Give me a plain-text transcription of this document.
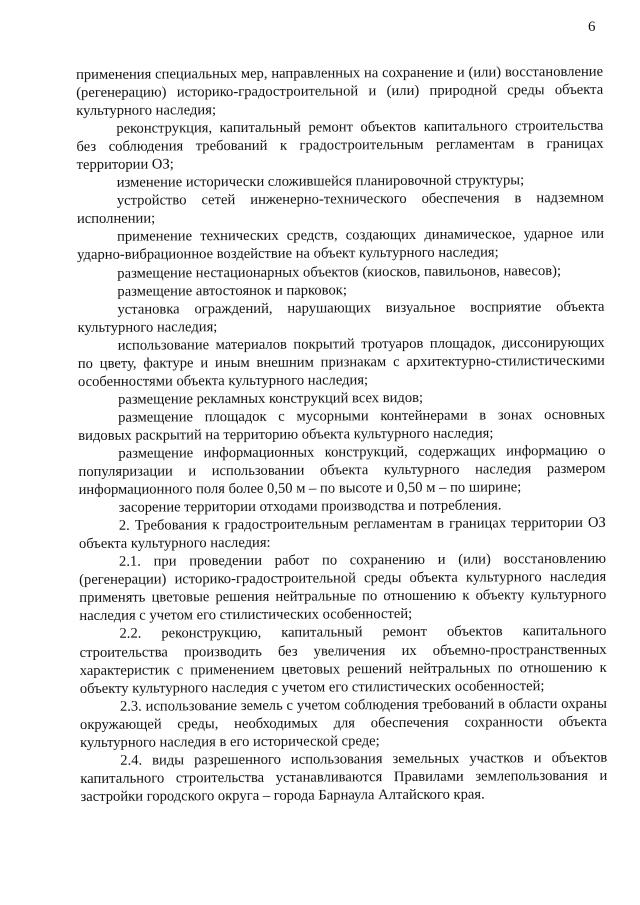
6

применения специальных мер, направленных на сохранение и (или) восстановление (регенерацию) историко-градостроительной и (или) природной среды объекта культурного наследия;

реконструкция, капитальный ремонт объектов капитального строительства без соблюдения требований к градостроительным регламентам в границах территории ОЗ;

изменение исторически сложившейся планировочной структуры;

устройство сетей инженерно-технического обеспечения в надземном исполнении;

применение технических средств, создающих динамическое, ударное или ударно-вибрационное воздействие на объект культурного наследия;

размещение нестационарных объектов (киосков, павильонов, навесов);

размещение автостоянок и парковок;

установка ограждений, нарушающих визуальное восприятие объекта культурного наследия;

использование материалов покрытий тротуаров площадок, диссонирующих по цвету, фактуре и иным внешним признакам с архитектурно-стилистическими особенностями объекта культурного наследия;

размещение рекламных конструкций всех видов;

размещение площадок с мусорными контейнерами в зонах основных видовых раскрытий на территорию объекта культурного наследия;

размещение информационных конструкций, содержащих информацию о популяризации и использовании объекта культурного наследия размером информационного поля более 0,50 м – по высоте и 0,50 м – по ширине;

засорение территории отходами производства и потребления.

2. Требования к градостроительным регламентам в границах территории ОЗ объекта культурного наследия:

2.1. при проведении работ по сохранению и (или) восстановлению (регенерации) историко-градостроительной среды объекта культурного наследия применять цветовые решения нейтральные по отношению к объекту культурного наследия с учетом его стилистических особенностей;

2.2. реконструкцию, капитальный ремонт объектов капитального строительства производить без увеличения их объемно-пространственных характеристик с применением цветовых решений нейтральных по отношению к объекту культурного наследия с учетом его стилистических особенностей;

2.3. использование земель с учетом соблюдения требований в области охраны окружающей среды, необходимых для обеспечения сохранности объекта культурного наследия в его исторической среде;

2.4. виды разрешенного использования земельных участков и объектов капитального строительства устанавливаются Правилами землепользования и застройки городского округа – города Барнаула Алтайского края.
